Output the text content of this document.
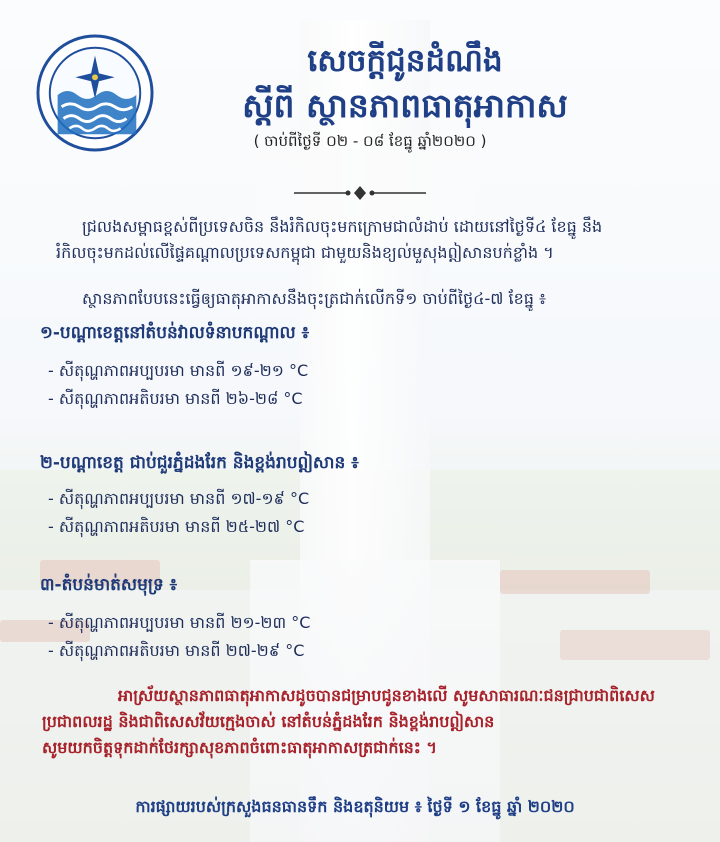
សេចក្តីជូនដំណឹង
ស្តីពី ស្ថានភាពធាតុអាកាស
( ចាប់ពីថ្ងៃទី ០២ - ០៨ ខែធ្នូ ឆ្នាំ២០២០ )
ជ្រលងសម្ពាធខ្ពស់ពីប្រទេសចិន នឹងរំកិលចុះមកក្រោមជាលំដាប់ ដោយនៅថ្ងៃទី៤ ខែធ្នូ នឹង
រំកិលចុះមកដល់លើផ្ទៃគណ្តាលប្រទេសកម្ពុជា ជាមួយនិងខ្យល់មួសុងឦសានបក់ខ្លាំង ។
ស្ថានភាពបែបនេះធ្វើឲ្យធាតុអាកាសនឹងចុះត្រជាក់លើកទី១ ចាប់ពីថ្ងៃ៤-៧ ខែធ្នូ ៖
១-បណ្តាខេត្តនៅតំបន់វាលទំនាបកណ្តាល ៖
- សីតុណ្ហភាពអប្បបរមា មានពី ១៩-២១ °C
- សីតុណ្ហភាពអតិបរមា មានពី ២៦-២៨ °C
២-បណ្តាខេត្ត ជាប់ជួរភ្នំដងរែក និងខ្ពង់រាបឦសាន ៖
- សីតុណ្ហភាពអប្បបរមា មានពី ១៧-១៩ °C
- សីតុណ្ហភាពអតិបរមា មានពី ២៥-២៧ °C
៣-តំបន់មាត់សមុទ្រ ៖
- សីតុណ្ហភាពអប្បបរមា មានពី ២១-២៣ °C
- សីតុណ្ហភាពអតិបរមា មានពី ២៧-២៩ °C
អាស្រ័យស្ថានភាពធាតុអាកាសដូចបានជម្រាបជូនខាងលើ សូមសាធារណៈជនជ្រាបជាពិសេស
ប្រជាពលរដ្ឋ និងជាពិសេសវ័យក្មេងចាស់ នៅតំបន់ភ្នំដងរែក និងខ្ពង់រាបឦសាន
សូមយកចិត្តទុកដាក់ថែរក្សាសុខភាពចំពោះធាតុអាកាសត្រជាក់នេះ ។
ការផ្សាយរបស់ក្រសួងធនធានទឹក និងឧតុនិយម ៖ ថ្ងៃទី ១ ខែធ្នូ ឆ្នាំ ២០២០
